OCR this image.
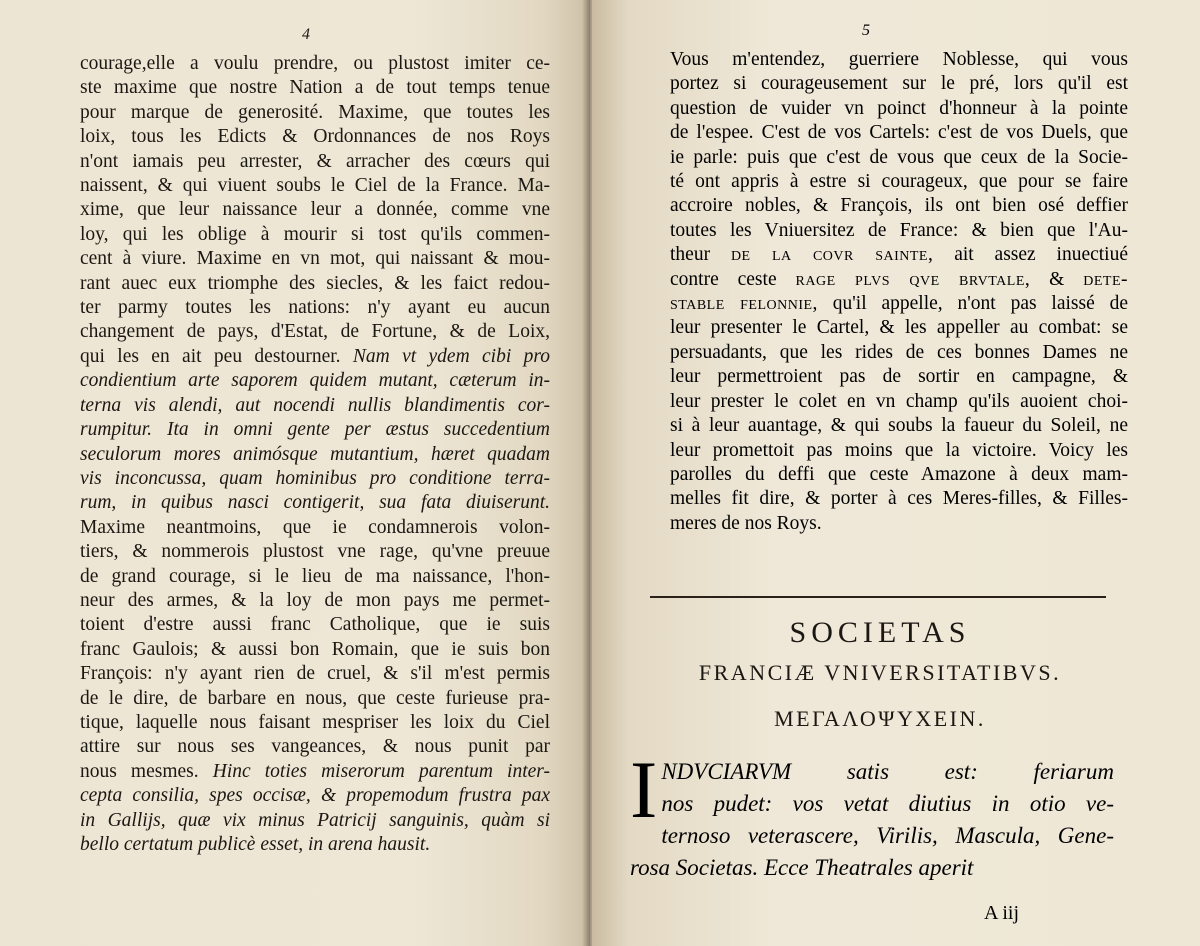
4
courage,elle a voulu prendre, ou plustost imiter ce-
ste maxime que nostre Nation a de tout temps tenue
pour marque de generosité. Maxime, que toutes les
loix, tous les Edicts & Ordonnances de nos Roys
n'ont iamais peu arrester, & arracher des cœurs qui
naissent, & qui viuent soubs le Ciel de la France. Ma-
xime, que leur naissance leur a donnée, comme vne
loy, qui les oblige à mourir si tost qu'ils commen-
cent à viure. Maxime en vn mot, qui naissant & mou-
rant auec eux triomphe des siecles, & les faict redou-
ter parmy toutes les nations: n'y ayant eu aucun
changement de pays, d'Estat, de Fortune, & de Loix,
qui les en ait peu destourner. Nam vt ydem cibi pro
condientium arte saporem quidem mutant, cæterum in-
terna vis alendi, aut nocendi nullis blandimentis cor-
rumpitur. Ita in omni gente per æstus succedentium
seculorum mores animósque mutantium, hæret quadam
vis inconcussa, quam hominibus pro conditione terra-
rum, in quibus nasci contigerit, sua fata diuiserunt.
Maxime neantmoins, que ie condamnerois volon-
tiers, & nommerois plustost vne rage, qu'vne preuue
de grand courage, si le lieu de ma naissance, l'hon-
neur des armes, & la loy de mon pays me permet-
toient d'estre aussi franc Catholique, que ie suis
franc Gaulois; & aussi bon Romain, que ie suis bon
François: n'y ayant rien de cruel, & s'il m'est permis
de le dire, de barbare en nous, que ceste furieuse pra-
tique, laquelle nous faisant mespriser les loix du Ciel
attire sur nous ses vangeances, & nous punit par
nous mesmes. Hinc toties miserorum parentum inter-
cepta consilia, spes occisæ, & propemodum frustra pax
in Gallijs, quæ vix minus Patricij sanguinis, quàm si
bello certatum publicè esset, in arena hausit.
5
Vous m'entendez, guerriere Noblesse, qui vous
portez si courageusement sur le pré, lors qu'il est
question de vuider vn poinct d'honneur à la pointe
de l'espee. C'est de vos Cartels: c'est de vos Duels, que
ie parle: puis que c'est de vous que ceux de la Socie-
té ont appris à estre si courageux, que pour se faire
accroire nobles, & François, ils ont bien osé deffier
toutes les Vniuersitez de France: & bien que l'Au-
theur de la covr sainte, ait assez inuectiué
contre ceste rage plvs qve brvtale, & dete-
stable felonnie, qu'il appelle, n'ont pas laissé de
leur presenter le Cartel, & les appeller au combat: se
persuadants, que les rides de ces bonnes Dames ne
leur permettroient pas de sortir en campagne, &
leur prester le colet en vn champ qu'ils auoient choi-
si à leur auantage, & qui soubs la faueur du Soleil, ne
leur promettoit pas moins que la victoire. Voicy les
parolles du deffi que ceste Amazone à deux mam-
melles fit dire, & porter à ces Meres-filles, & Filles-
meres de nos Roys.
SOCIETAS
FRANCIÆ VNIVERSITATIBVS.
ΜΕΓΑΛΟΨΥΧΕΙΝ.
I NDVCIARVM satis est: feriarum
nos pudet: vos vetat diutius in otio ve-
ternoso veterascere, Virilis, Mascula, Gene-
rosa Societas. Ecce Theatrales aperit
A iij
